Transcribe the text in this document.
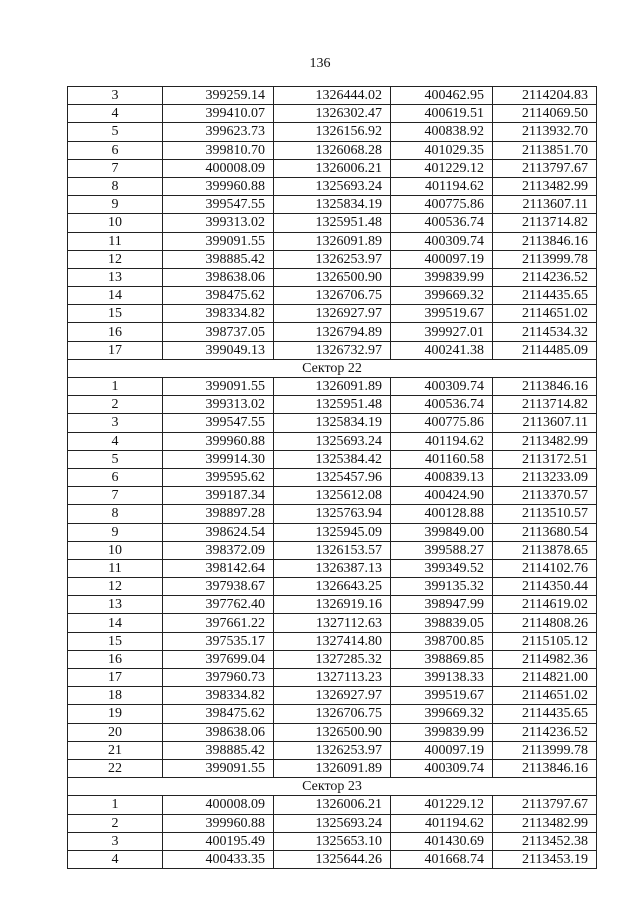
136
3	399259.14	1326444.02	400462.95	2114204.83
4	399410.07	1326302.47	400619.51	2114069.50
5	399623.73	1326156.92	400838.92	2113932.70
6	399810.70	1326068.28	401029.35	2113851.70
7	400008.09	1326006.21	401229.12	2113797.67
8	399960.88	1325693.24	401194.62	2113482.99
9	399547.55	1325834.19	400775.86	2113607.11
10	399313.02	1325951.48	400536.74	2113714.82
11	399091.55	1326091.89	400309.74	2113846.16
12	398885.42	1326253.97	400097.19	2113999.78
13	398638.06	1326500.90	399839.99	2114236.52
14	398475.62	1326706.75	399669.32	2114435.65
15	398334.82	1326927.97	399519.67	2114651.02
16	398737.05	1326794.89	399927.01	2114534.32
17	399049.13	1326732.97	400241.38	2114485.09
Сектор 22				
1	399091.55	1326091.89	400309.74	2113846.16
2	399313.02	1325951.48	400536.74	2113714.82
3	399547.55	1325834.19	400775.86	2113607.11
4	399960.88	1325693.24	401194.62	2113482.99
5	399914.30	1325384.42	401160.58	2113172.51
6	399595.62	1325457.96	400839.13	2113233.09
7	399187.34	1325612.08	400424.90	2113370.57
8	398897.28	1325763.94	400128.88	2113510.57
9	398624.54	1325945.09	399849.00	2113680.54
10	398372.09	1326153.57	399588.27	2113878.65
11	398142.64	1326387.13	399349.52	2114102.76
12	397938.67	1326643.25	399135.32	2114350.44
13	397762.40	1326919.16	398947.99	2114619.02
14	397661.22	1327112.63	398839.05	2114808.26
15	397535.17	1327414.80	398700.85	2115105.12
16	397699.04	1327285.32	398869.85	2114982.36
17	397960.73	1327113.23	399138.33	2114821.00
18	398334.82	1326927.97	399519.67	2114651.02
19	398475.62	1326706.75	399669.32	2114435.65
20	398638.06	1326500.90	399839.99	2114236.52
21	398885.42	1326253.97	400097.19	2113999.78
22	399091.55	1326091.89	400309.74	2113846.16
Сектор 23				
1	400008.09	1326006.21	401229.12	2113797.67
2	399960.88	1325693.24	401194.62	2113482.99
3	400195.49	1325653.10	401430.69	2113452.38
4	400433.35	1325644.26	401668.74	2113453.19
